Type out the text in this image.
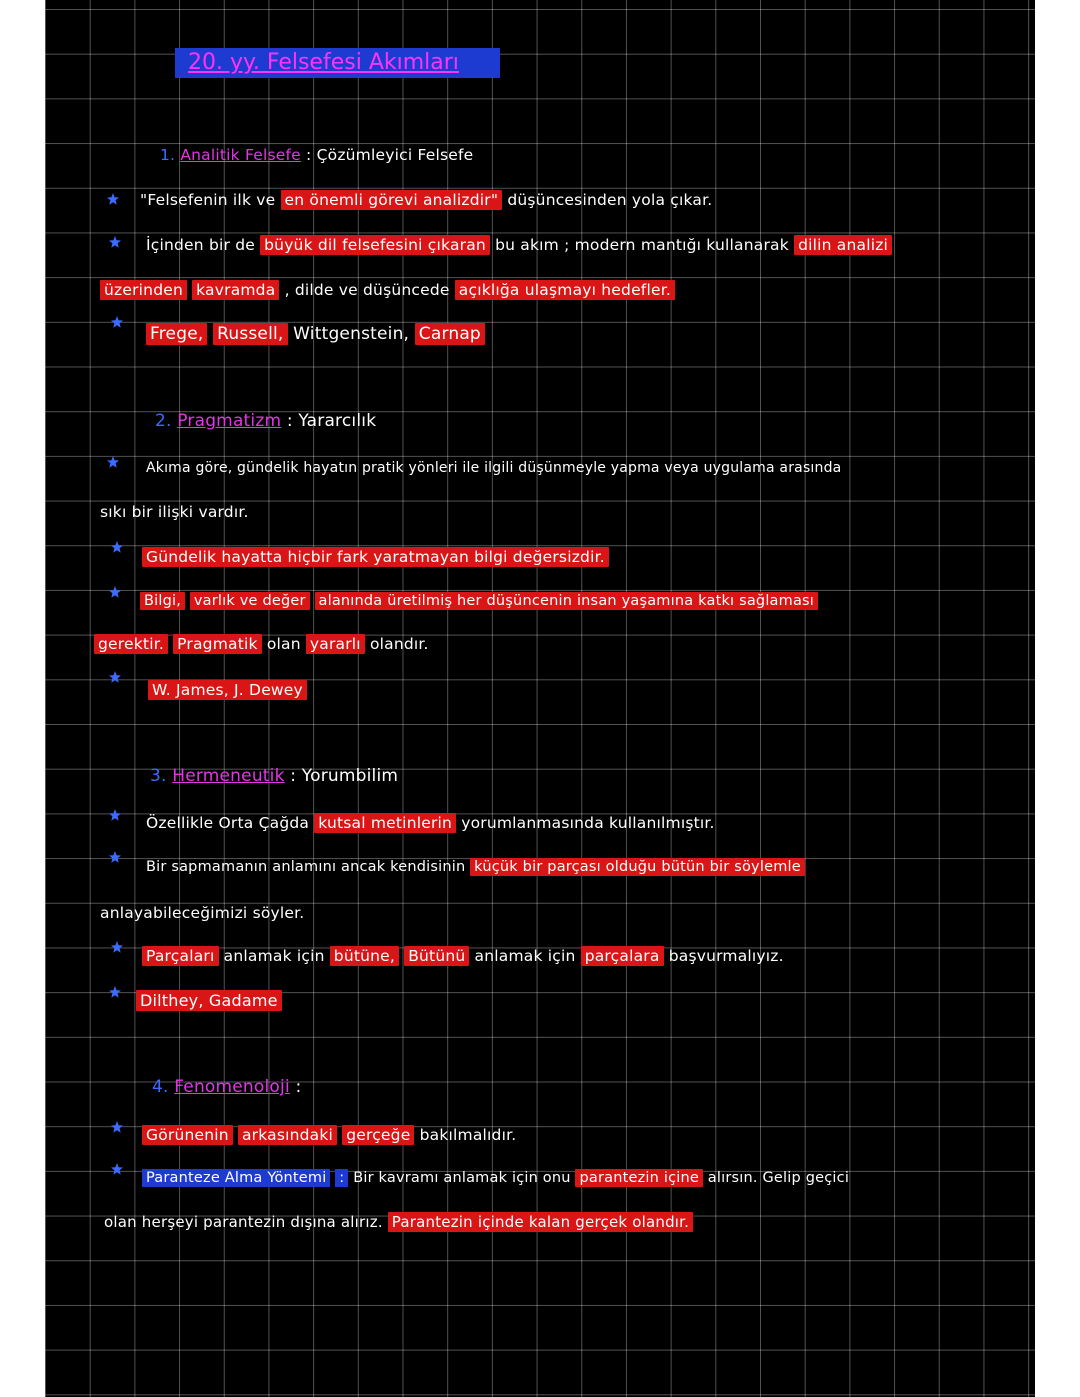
20. yy. Felsefesi Akımları
1. Analitik Felsefe : Çözümleyici Felsefe
"Felsefenin ilk ve en önemli görevi analizdir" düşüncesinden yola çıkar.
İçinden bir de büyük dil felsefesini çıkaran bu akım ; modern mantığı kullanarak dilin analizi
üzerinden kavramda , dilde ve düşüncede açıklığa ulaşmayı hedefler.
Frege, Russell, Wittgenstein, Carnap
2. Pragmatizm : Yararcılık
Akıma göre, gündelik hayatın pratik yönleri ile ilgili düşünmeyle yapma veya uygulama arasında
sıkı bir ilişki vardır.
Gündelik hayatta hiçbir fark yaratmayan bilgi değersizdir.
Bilgi, varlık ve değer alanında üretilmiş her düşüncenin insan yaşamına katkı sağlaması
gerektir. Pragmatik olan yararlı olandır.
W. James, J. Dewey
3. Hermeneutik : Yorumbilim
Özellikle Orta Çağda kutsal metinlerin yorumlanmasında kullanılmıştır.
Bir sapmamanın anlamını ancak kendisinin küçük bir parçası olduğu bütün bir söylemle
anlayabileceğimizi söyler.
Parçaları anlamak için bütüne, Bütünü anlamak için parçalara başvurmalıyız.
Dilthey, Gadame
4. Fenomenoloji :
Görünenin arkasındaki gerçeğe bakılmalıdır.
Paranteze Alma Yöntemi : Bir kavramı anlamak için onu parantezin içine alırsın. Gelip geçici
olan herşeyi parantezin dışına alırız. Parantezin içinde kalan gerçek olandır.
